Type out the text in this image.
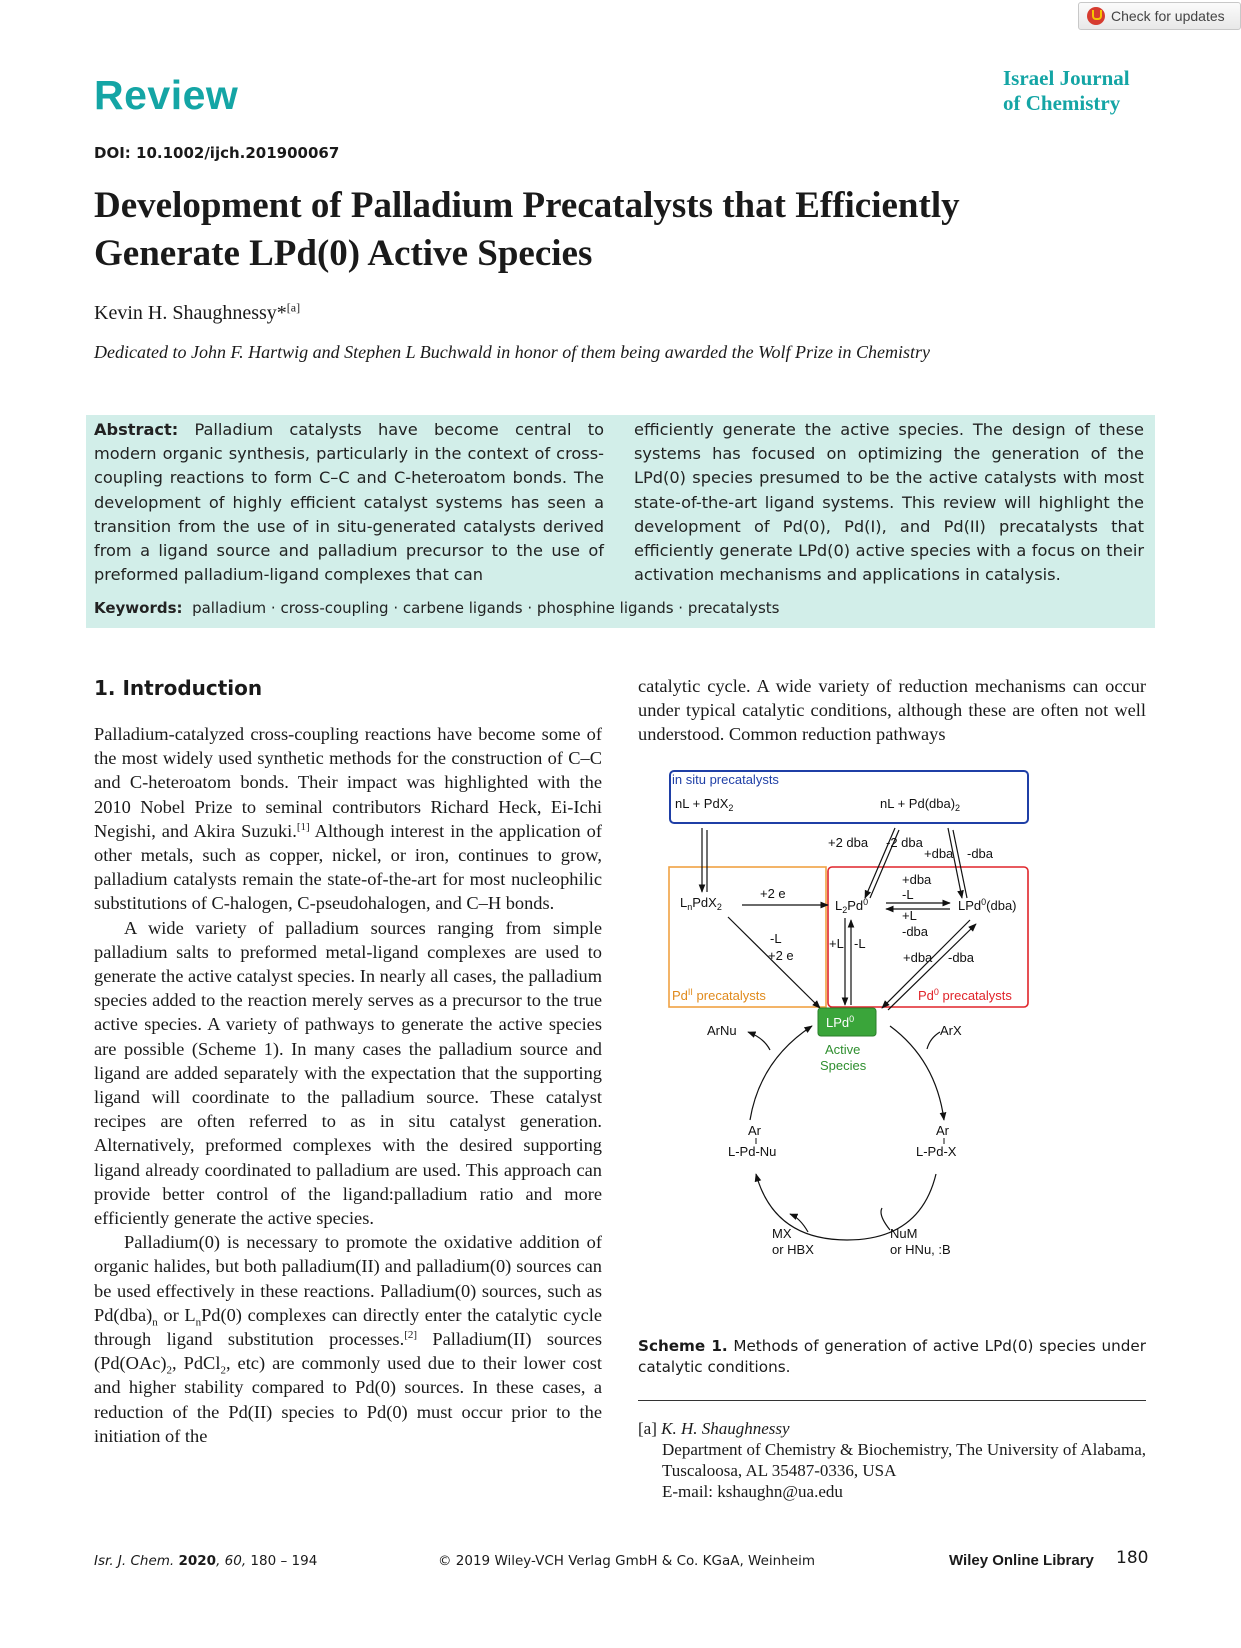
Check for updates
Review	Israel Journal
of Chemistry
DOI: 10.1002/ijch.201900067
Development of Palladium Precatalysts that Efficiently
Generate LPd(0) Active Species
Kevin H. Shaughnessy*[a]
Dedicated to John F. Hartwig and Stephen L Buchwald in honor of them being awarded the Wolf Prize in Chemistry
Abstract: Palladium catalysts have become central to modern organic synthesis, particularly in the context of cross-coupling reactions to form C–C and C-heteroatom bonds. The development of highly efficient catalyst systems has seen a transition from the use of in situ-generated catalysts derived from a ligand source and palladium precursor to the use of preformed palladium-ligand complexes that can
efficiently generate the active species. The design of these systems has focused on optimizing the generation of the LPd(0) species presumed to be the active catalysts with most state-of-the-art ligand systems. This review will highlight the development of Pd(0), Pd(I), and Pd(II) precatalysts that efficiently generate LPd(0) active species with a focus on their activation mechanisms and applications in catalysis.
Keywords: palladium · cross-coupling · carbene ligands · phosphine ligands · precatalysts
1. Introduction

Palladium-catalyzed cross-coupling reactions have become some of the most widely used synthetic methods for the construction of C–C and C-heteroatom bonds. Their impact was highlighted with the 2010 Nobel Prize to seminal contributors Richard Heck, Ei-Ichi Negishi, and Akira Suzuki.[1] Although interest in the application of other metals, such as copper, nickel, or iron, continues to grow, palladium catalysts remain the state-of-the-art for most nucleophilic substitutions of C-halogen, C-pseudohalogen, and C–H bonds.

A wide variety of palladium sources ranging from simple palladium salts to preformed metal-ligand complexes are used to generate the active catalyst species. In nearly all cases, the palladium species added to the reaction merely serves as a precursor to the true active species. A variety of pathways to generate the active species are possible (Scheme 1). In many cases the palladium source and ligand are added separately with the expectation that the supporting ligand will coordinate to the palladium source. These catalyst recipes are often referred to as in situ catalyst generation. Alternatively, preformed complexes with the desired supporting ligand already coordinated to palladium are used. This approach can provide better control of the ligand:palladium ratio and more efficiently generate the active species.

Palladium(0) is necessary to promote the oxidative addition of organic halides, but both palladium(II) and palladium(0) sources can be used effectively in these reactions. Palladium(0) sources, such as $Pd(dba)_n$ or $L_nPd(0)$ complexes can directly enter the catalytic cycle through ligand substitution processes.[2] Palladium(II) sources ($Pd(OAc)_2$, PdCl$_2$, etc) are commonly used due to their lower cost and higher stability compared to Pd(0) sources. In these cases, a reduction of the Pd(II) species to Pd(0) must occur prior to the initiation of the

catalytic cycle. A wide variety of reduction mechanisms can occur under typical catalytic conditions, although these are often not well understood. Common reduction pathways

in situ precatalysts
nL + PdX$_2$	nL + $Pd(dba)_2$
+2 dba -2 dba
+dba -dba
$L_nPdX_2$
+2 e
-L
+2 e
$L_2Pd^0$
+dba
-L
+L
-dba
LPd$^0$(dba)
+L -L
+dba -dba
$Pd^{II}$ precatalysts	Pd$^0$ precatalysts
LPd$^0$
Active
Species
ArX
ArNu
Ar
L-Pd-Nu
Ar
L-Pd-X
MX
or HBX
NuM
or HNu, :B
Scheme 1. Methods of generation of active LPd(0) species under catalytic conditions.
[a] K. H. Shaughnessy
Department of Chemistry & Biochemistry, The University of Alabama, Tuscaloosa, AL 35487-0336, USA
E-mail: kshaughn@ua.edu
Isr. J. Chem. 2020, 60, 180 – 194	© 2019 Wiley-VCH Verlag GmbH & Co. KGaA, Weinheim	Wiley Online Library 180
